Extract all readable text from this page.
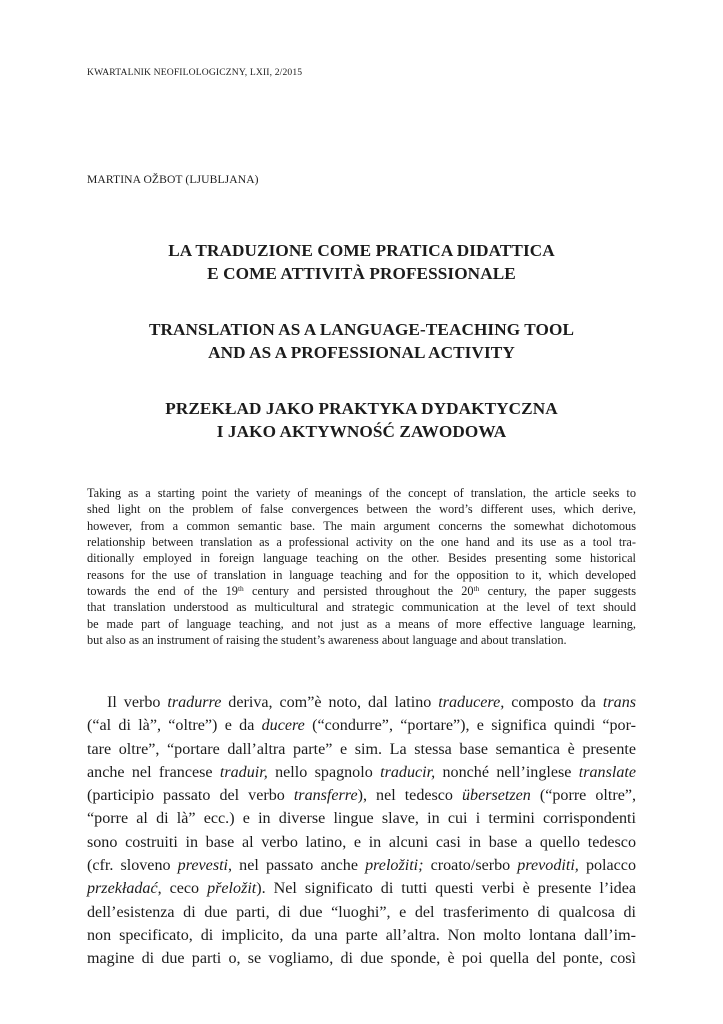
KWARTALNIK NEOFILOLOGICZNY, LXII, 2/2015

MARTINA OŽBOT (LJUBLJANA)

LA TRADUZIONE COME PRATICA DIDATTICA
E COME ATTIVITÀ PROFESSIONALE
TRANSLATION AS A LANGUAGE-TEACHING TOOL
AND AS A PROFESSIONAL ACTIVITY
PRZEKŁAD JAKO PRAKTYKA DYDAKTYCZNA
I JAKO AKTYWNOŚĆ ZAWODOWA

Taking as a starting point the variety of meanings of the concept of translation, the article seeks to
shed light on the problem of false convergences between the word’s different uses, which derive,
however, from a common semantic base. The main argument concerns the somewhat dichotomous
relationship between translation as a professional activity on the one hand and its use as a tool tra-
ditionally employed in foreign language teaching on the other. Besides presenting some historical
reasons for the use of translation in language teaching and for the opposition to it, which developed
towards the end of the 19th century and persisted throughout the 20th century, the paper suggests
that translation understood as multicultural and strategic communication at the level of text should
be made part of language teaching, and not just as a means of more effective language learning,
but also as an instrument of raising the student’s awareness about language and about translation.

Il verbo tradurre deriva, com”è noto, dal latino traducere, composto da trans
(“al di là”, “oltre”) e da ducere (“condurre”, “portare”), e significa quindi “por-
tare oltre”, “portare dall’altra parte” e sim. La stessa base semantica è presente
anche nel francese traduir, nello spagnolo traducir, nonché nell’inglese translate
(participio passato del verbo transferre), nel tedesco übersetzen (“porre oltre”,
“porre al di là” ecc.) e in diverse lingue slave, in cui i termini corrispondenti
sono costruiti in base al verbo latino, e in alcuni casi in base a quello tedesco
(cfr. sloveno prevesti, nel passato anche preložiti; croato/serbo prevoditi, polacco
przekładać, ceco přeložit). Nel significato di tutti questi verbi è presente l’idea
dell’esistenza di due parti, di due “luoghi”, e del trasferimento di qualcosa di
non specificato, di implicito, da una parte all’altra. Non molto lontana dall’im-
magine di due parti o, se vogliamo, di due sponde, è poi quella del ponte, così
